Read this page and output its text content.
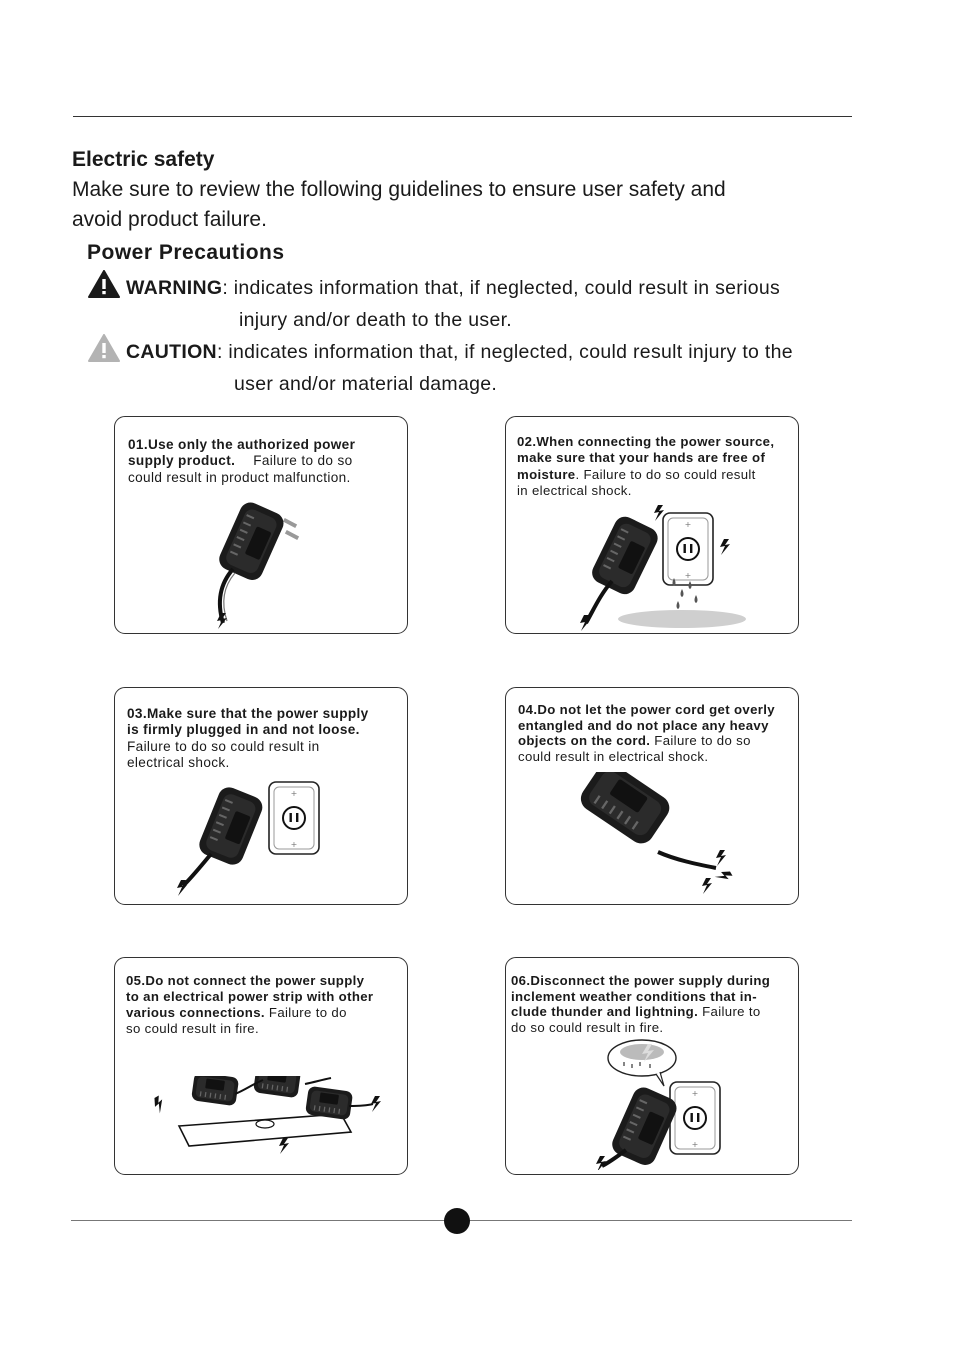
Electric safety
Make sure to review the following guidelines to ensure user safety and
avoid product failure.
Power Precautions
WARNING: indicates information that, if neglected, could result in serious
injury and/or death to the user.
CAUTION: indicates information that, if neglected, could result injury to the
user and/or material damage.
01.Use only the authorized power
supply product. Failure to do so
could result in product malfunction.
02.When connecting the power source,
make sure that your hands are free of
moisture. Failure to do so could result
in electrical shock.
03.Make sure that the power supply
is firmly plugged in and not loose.
Failure to do so could result in
electrical shock.
04.Do not let the power cord get overly
entangled and do not place any heavy
objects on the cord. Failure to do so
could result in electrical shock.
05.Do not connect the power supply
to an electrical power strip with other
various connections. Failure to do
so could result in fire.
06.Disconnect the power supply during
inclement weather conditions that in-
clude thunder and lightning. Failure to
do so could result in fire.
